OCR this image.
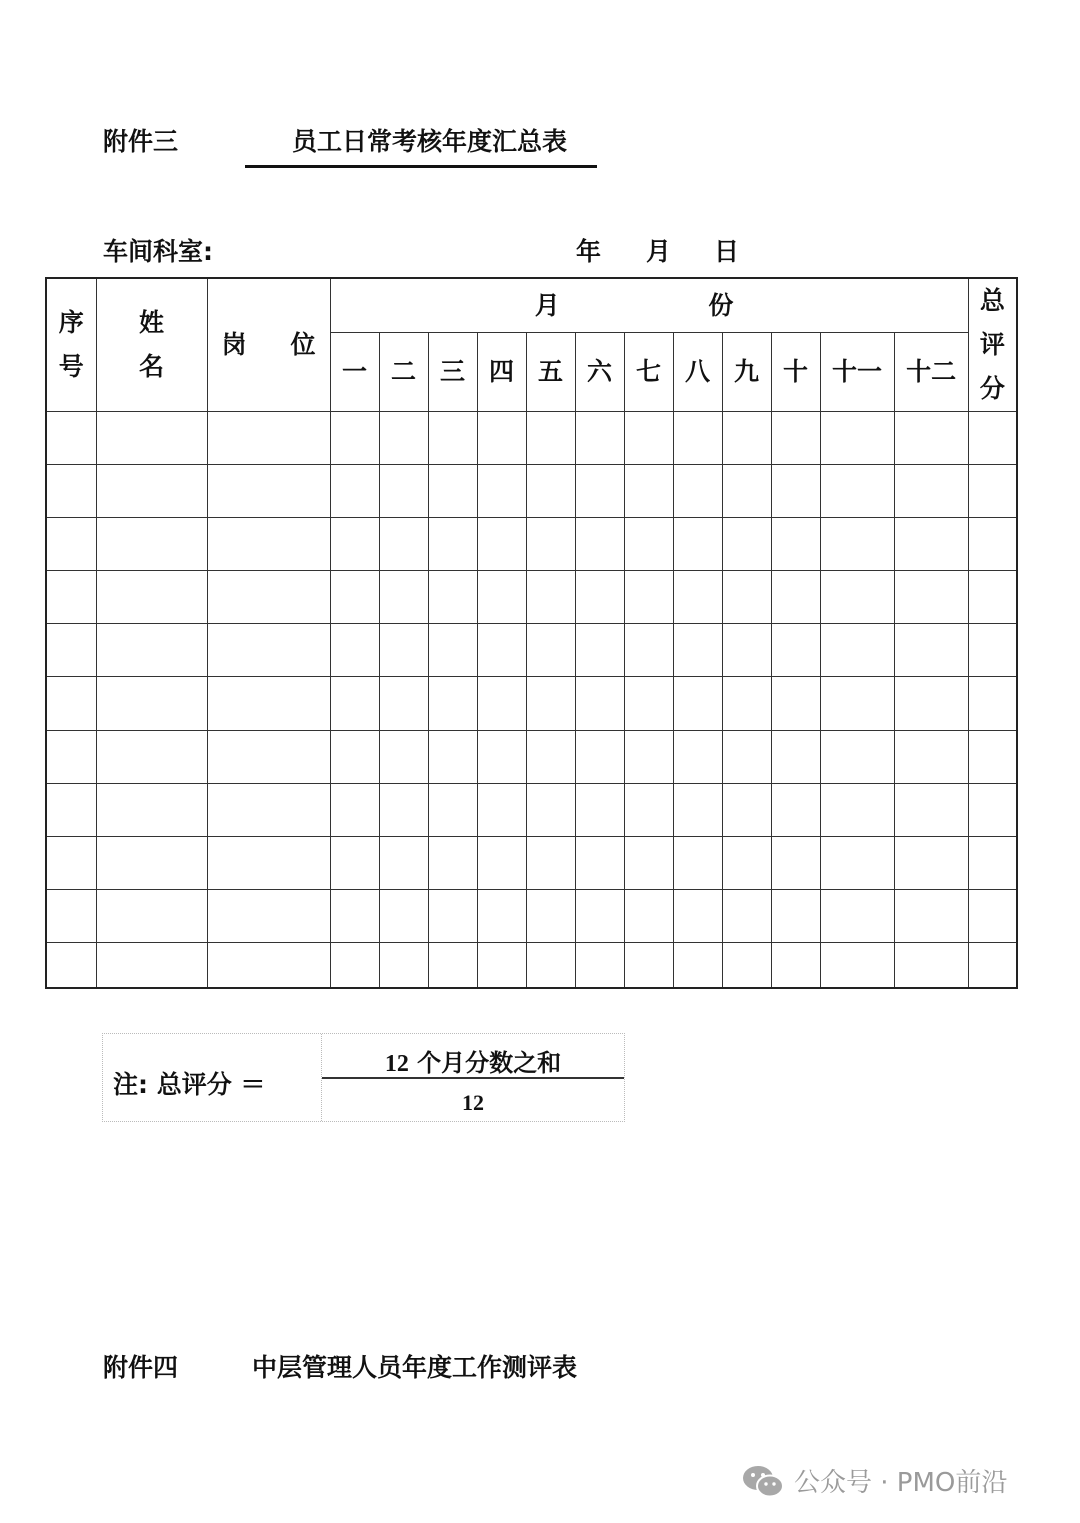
附件三	员工日常考核年度汇总表
车间科室:	年 月 日
序号	姓名	岗 位	月 份												总评分
			一	二	三	四	五	六	七	八	九	十	十一	十二	

注: 总评分 ＝
12 个月分数之和
12
附件四	中层管理人员年度工作测评表
公众号 · PMO前沿
